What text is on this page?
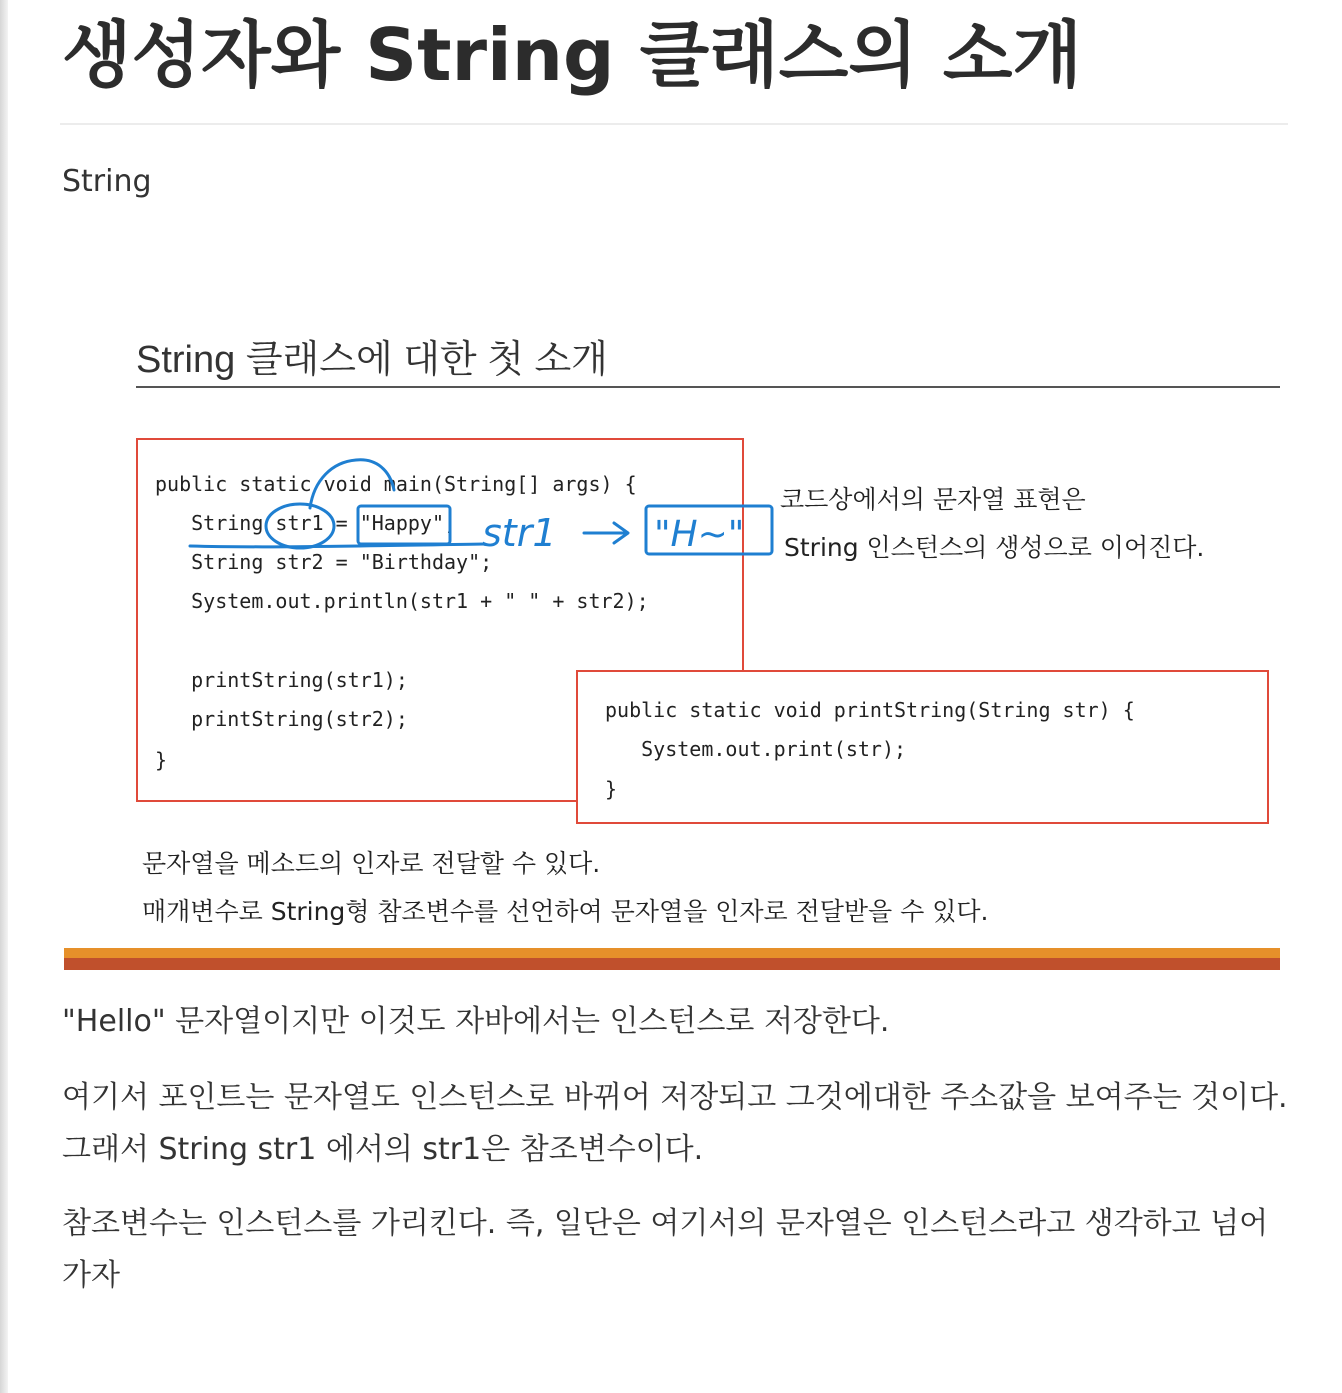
생성자와 String 클래스의 소개
String
String 클래스에 대한 첫 소개
public static void main(String[] args) {
String str1 = "Happy";
String str2 = "Birthday";
System.out.println(str1 + " " + str2);
printString(str1);
printString(str2);
}
public static void printString(String str) {
System.out.print(str);
}
코드상에서의 문자열 표현은
String 인스턴스의 생성으로 이어진다.
문자열을 메소드의 인자로 전달할 수 있다.
매개변수로 String형 참조변수를 선언하여 문자열을 인자로 전달받을 수 있다.
str1	"H~"

"Hello" 문자열이지만 이것도 자바에서는 인스턴스로 저장한다.

여기서 포인트는 문자열도 인스턴스로 바뀌어 저장되고 그것에대한 주소값을 보여주는 것이다. 그래서 String str1 에서의 str1은 참조변수이다.

참조변수는 인스턴스를 가리킨다. 즉, 일단은 여기서의 문자열은 인스턴스라고 생각하고 넘어가자
